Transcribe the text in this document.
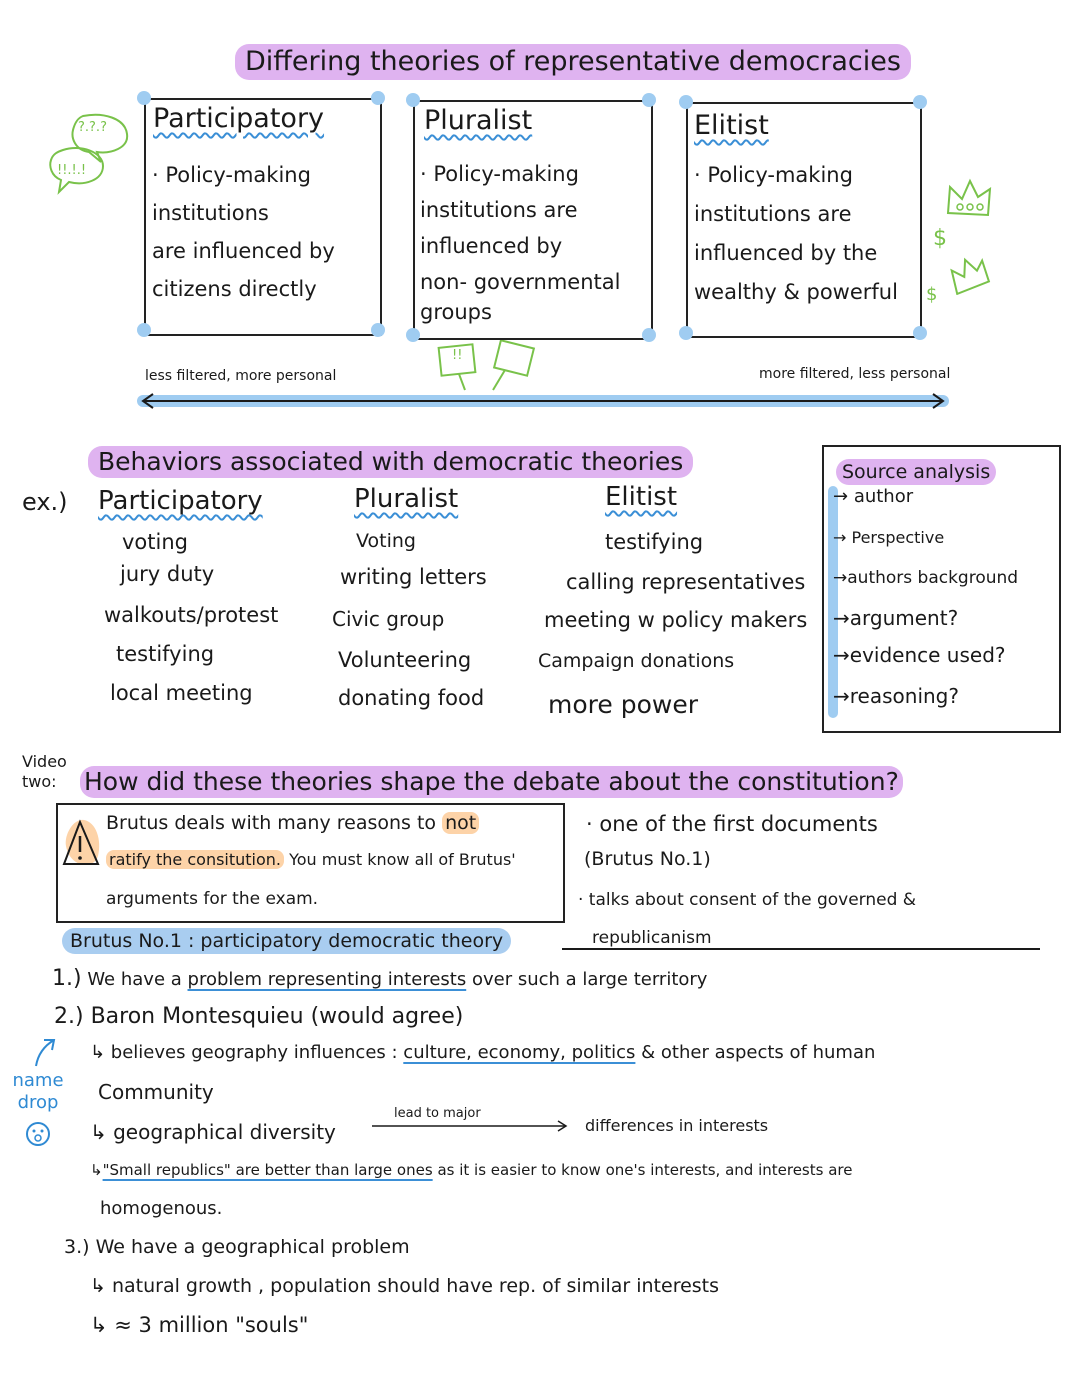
Differing theories of representative democracies
?.?.?
!!.!.!
Participatory
· Policy-making
institutions
are influenced by
citizens directly
Pluralist
· Policy-making
institutions are
influenced by
non- governmental
groups
Elitist
· Policy-making
institutions are
influenced by the
wealthy & powerful
$
$
!!
less filtered, more personal	more filtered, less personal
Behaviors associated with democratic theories
ex.) Participatory
voting
jury duty
walkouts/protest
testifying
local meeting
Pluralist
Voting
writing letters
Civic group
Volunteering
donating food
Elitist
testifying
calling representatives
meeting w policy makers
Campaign donations
more power
Source analysis
→ author
→ Perspective
→authors background
→argument?
→evidence used?
→reasoning?
Video
two:	How did these theories shape the debate about the constitution?
Brutus deals with many reasons to not
ratify the consitution. You must know all of Brutus'
arguments for the exam.
· one of the first documents
(Brutus No.1)
· talks about consent of the governed &
republicanism
Brutus No.1 : participatory democratic theory
1.) We have a problem representing interests over such a large territory
2.) Baron Montesquieu (would agree)
name
drop
↳ believes geography influences : culture, economy, politics & other aspects of human
Community
↳ geographical diversity
lead to major
differences in interests
↳"Small republics" are better than large ones as it is easier to know one's interests, and interests are
homogenous.
3.) We have a geographical problem
↳ natural growth , population should have rep. of similar interests
↳ ≈ 3 million "souls"
